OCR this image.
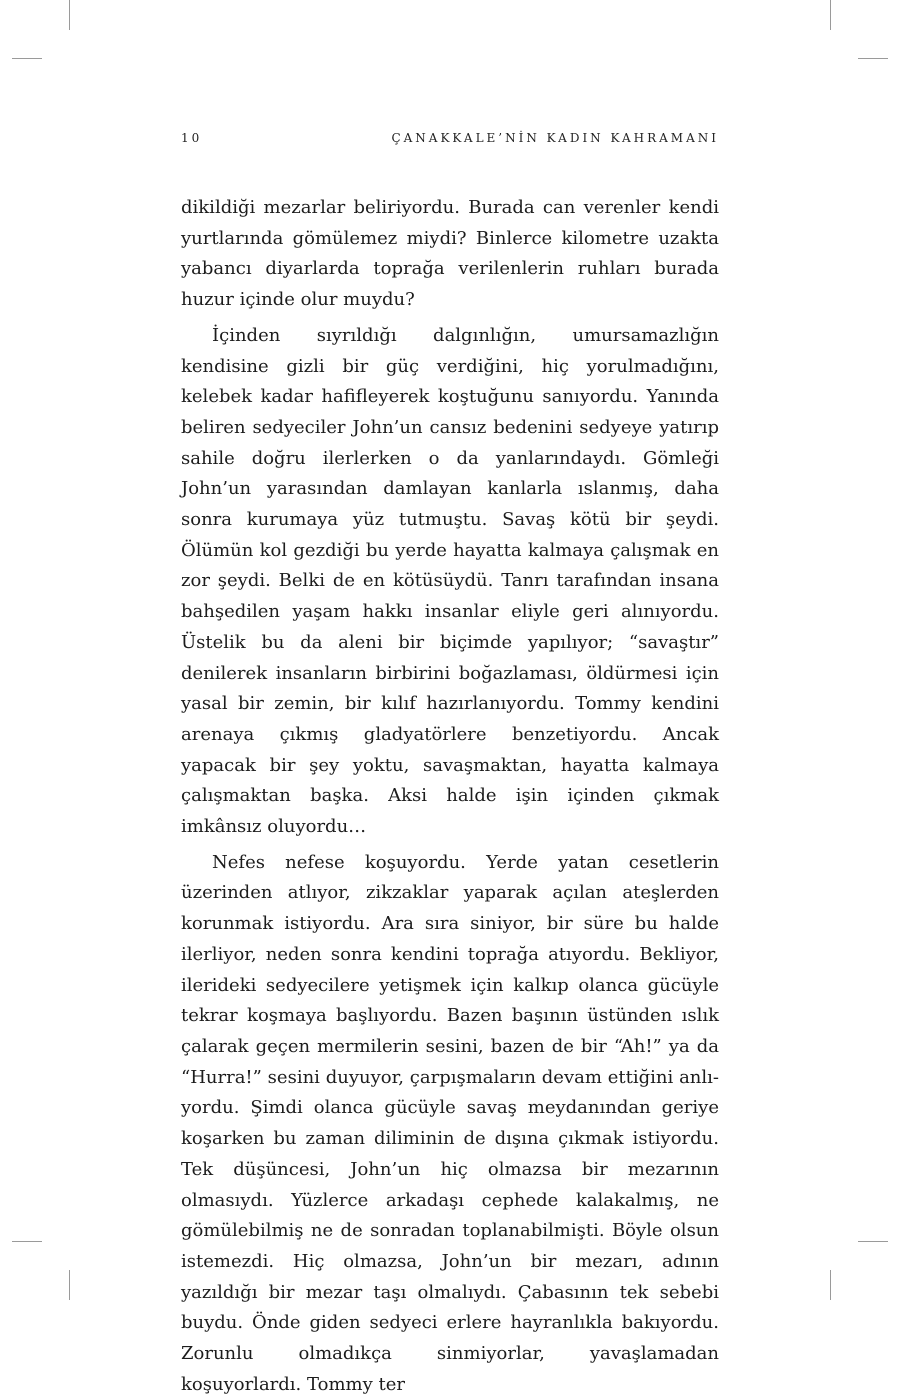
10	ÇANAKKALE’NİN KADIN KAHRAMANI

dikildiği mezarlar beliriyordu. Burada can verenler kendi yurtlarında gömülemez miydi? Binlerce kilometre uzakta yabancı diyarlarda toprağa verilenlerin ruhları burada huzur içinde olur muydu?

İçinden sıyrıldığı dalgınlığın, umursamazlığın kendisine gizli bir güç verdiğini, hiç yorulmadığını, kelebek kadar hafifleyerek koştuğunu sanıyordu. Yanında beliren sedyeciler John’un cansız bedenini sedyeye yatırıp sahile doğru ilerlerken o da yanlarındaydı. Gömleği John’un yarasından damlayan kanlarla ıslanmış, daha sonra kurumaya yüz tutmuştu. Savaş kötü bir şeydi. Ölümün kol gezdiği bu yerde hayatta kalmaya çalışmak en zor şeydi. Belki de en kötüsüydü. Tanrı tarafından insana bahşedilen yaşam hakkı insanlar eliyle geri alınıyordu. Üstelik bu da aleni bir biçimde yapılıyor; “savaştır” denilerek insanların birbirini boğazlaması, öldürmesi için yasal bir zemin, bir kılıf hazırlanıyordu. Tommy kendini arenaya çıkmış gladyatörlere benzetiyordu. Ancak yapacak bir şey yoktu, savaşmaktan, hayatta kalmaya çalışmaktan başka. Aksi halde işin içinden çıkmak imkânsız oluyordu…

Nefes nefese koşuyordu. Yerde yatan cesetlerin üzerinden atlıyor, zikzaklar yaparak açılan ateşlerden korunmak istiyordu. Ara sıra siniyor, bir süre bu halde ilerliyor, neden sonra kendini toprağa atıyordu. Bekliyor, ilerideki sedyecilere yetişmek için kalkıp olanca gücüyle tekrar koşmaya başlıyordu. Bazen başının üstünden ıslık çalarak geçen mermilerin sesini, bazen de bir “Ah!” ya da “Hurra!” sesini duyuyor, çarpışmaların devam ettiğini anlıyordu. Şimdi olanca gücüyle savaş meydanından geriye koşarken bu zaman diliminin de dışına çıkmak istiyordu. Tek düşüncesi, John’un hiç olmazsa bir mezarının olmasıydı. Yüzlerce arkadaşı cephede kalakalmış, ne gömülebilmiş ne de sonradan toplanabilmişti. Böyle olsun istemezdi. Hiç olmazsa, John’un bir mezarı, adının yazıldığı bir mezar taşı olmalıydı. Çabasının tek sebebi buydu. Önde giden sedyeci erlere hayranlıkla bakıyordu. Zorunlu olmadıkça sinmiyorlar, yavaşlamadan koşuyorlardı. Tommy ter
